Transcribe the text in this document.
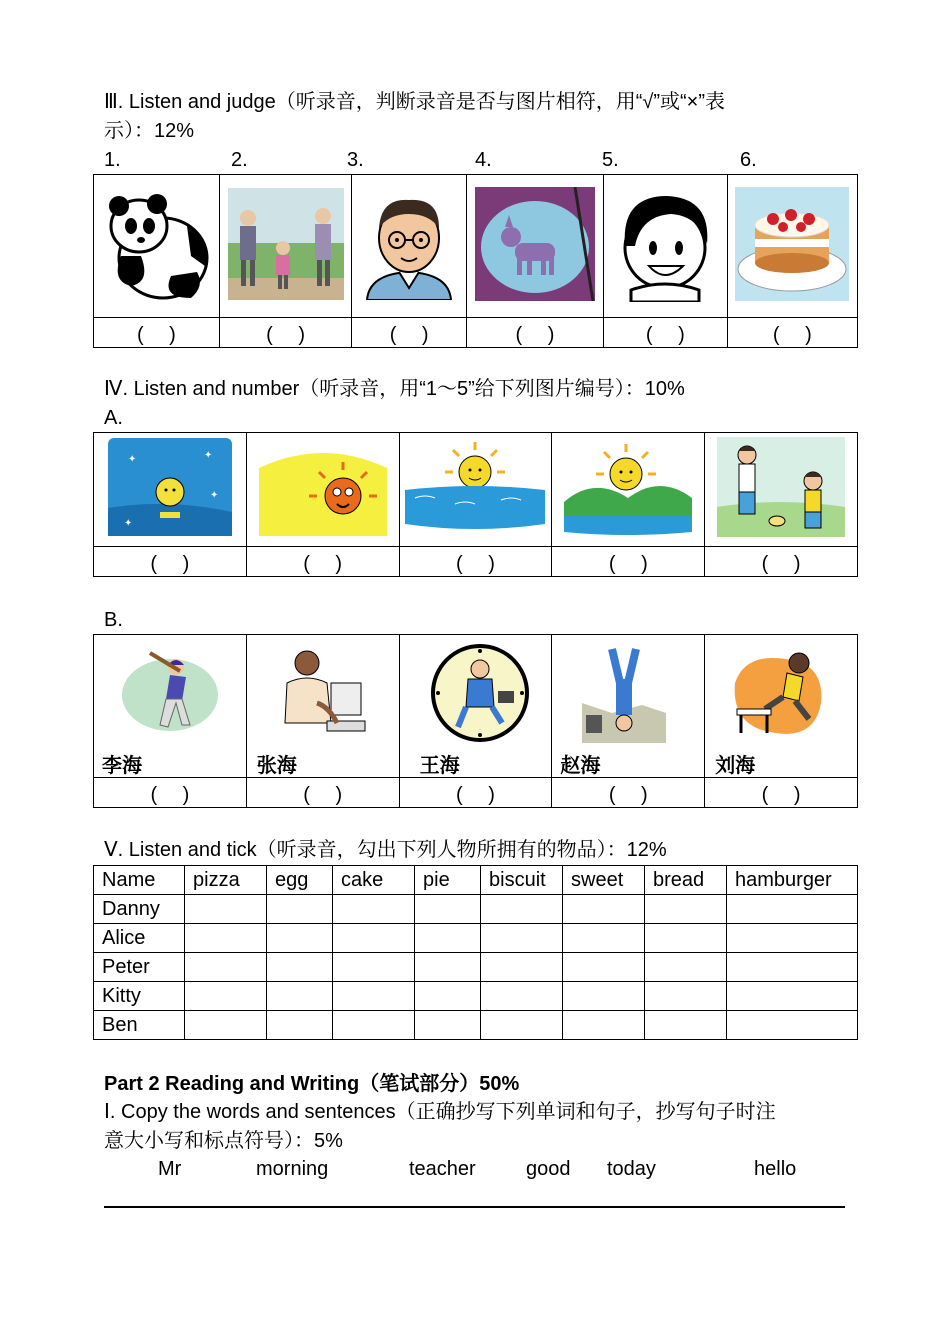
Ⅲ. Listen and judge（听录音，判断录音是否与图片相符，用“√”或“×”表
示）：12%
1.	2.	3.	4.	5.	6.

(　 )	(　 )	(　 )	(　 )	(　 )	(　 )
Ⅳ. Listen and number（听录音，用“1～5”给下列图片编号）：10%
A.
✦ ✦
✦
✦

(　 )	(　 )	(　 )	(　 )	(　 )
B.
李海	张海	王海	赵海	刘海

(　 )	(　 )	(　 )	(　 )	(　 )
Ⅴ. Listen and tick（听录音，勾出下列人物所拥有的物品）：12%
Name	pizza	egg	cake	pie	biscuit	sweet	bread	hamburger
Danny								
Alice								
Peter								
Kitty								
Ben								
Part 2 Reading and Writing（笔试部分）50%
Ⅰ. Copy the words and sentences（正确抄写下列单词和句子，抄写句子时注
意大小写和标点符号）：5%
Mr	morning	teacher	good today	hello
